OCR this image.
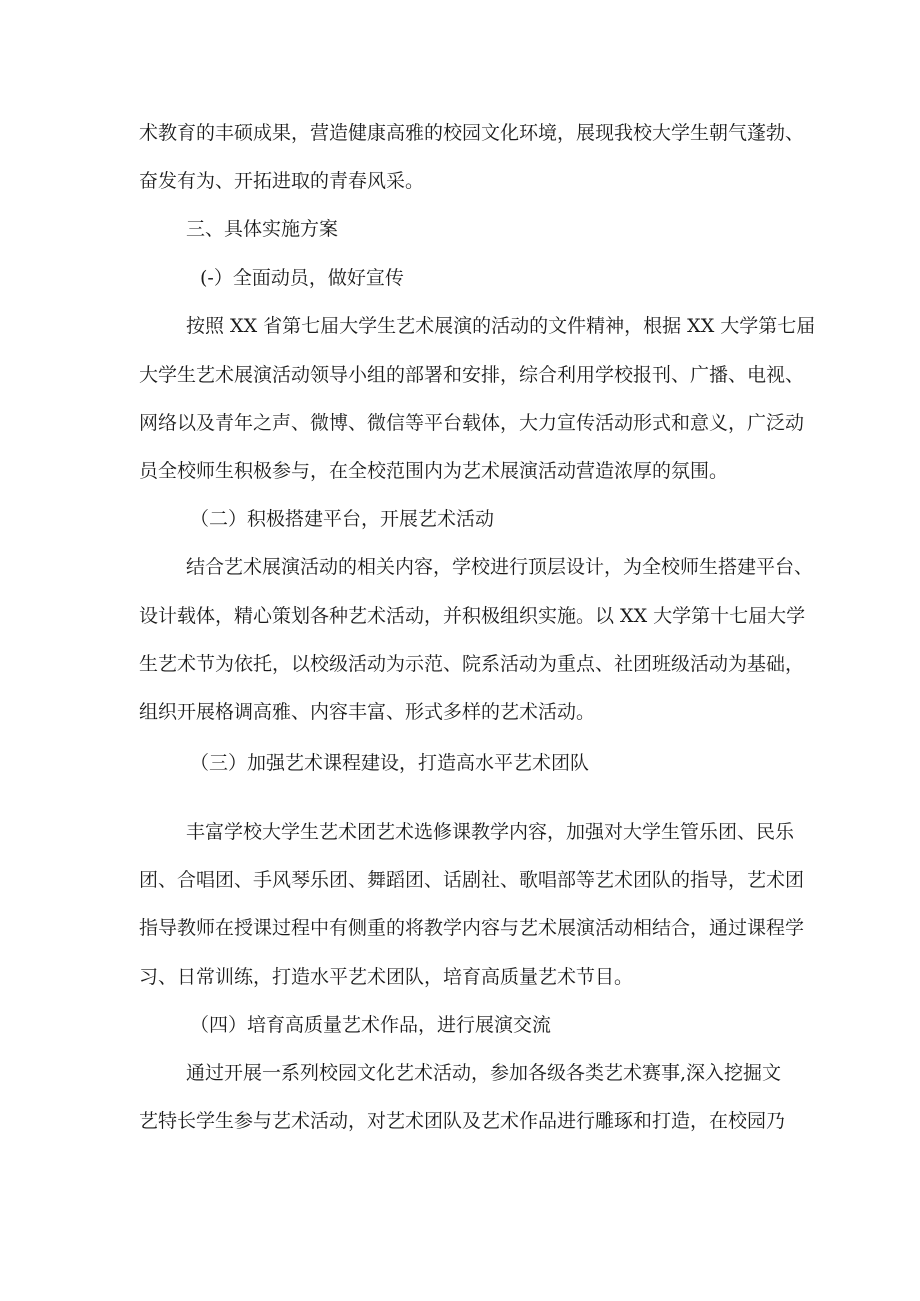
术教育的丰硕成果，营造健康高雅的校园文化环境，展现我校大学生朝气蓬勃、
奋发有为、开拓进取的青春风采。
三、具体实施方案
(-）全面动员，做好宣传
按照 XX 省第七届大学生艺术展演的活动的文件精神，根据 XX 大学第七届
大学生艺术展演活动领导小组的部署和安排，综合利用学校报刊、广播、电视、
网络以及青年之声、微博、微信等平台载体，大力宣传活动形式和意义，广泛动
员全校师生积极参与，在全校范围内为艺术展演活动营造浓厚的氛围。
（二）积极搭建平台，开展艺术活动
结合艺术展演活动的相关内容，学校进行顶层设计，为全校师生搭建平台、
设计载体，精心策划各种艺术活动，并积极组织实施。以 XX 大学第十七届大学
生艺术节为依托，以校级活动为示范、院系活动为重点、社团班级活动为基础，
组织开展格调高雅、内容丰富、形式多样的艺术活动。
（三）加强艺术课程建设，打造高水平艺术团队
丰富学校大学生艺术团艺术选修课教学内容，加强对大学生管乐团、民乐
团、合唱团、手风琴乐团、舞蹈团、话剧社、歌唱部等艺术团队的指导，艺术团
指导教师在授课过程中有侧重的将教学内容与艺术展演活动相结合，通过课程学
习、日常训练，打造水平艺术团队，培育高质量艺术节目。
（四）培育高质量艺术作品，进行展演交流
通过开展一系列校园文化艺术活动，参加各级各类艺术赛事,深入挖掘文
艺特长学生参与艺术活动，对艺术团队及艺术作品进行雕琢和打造，在校园乃
